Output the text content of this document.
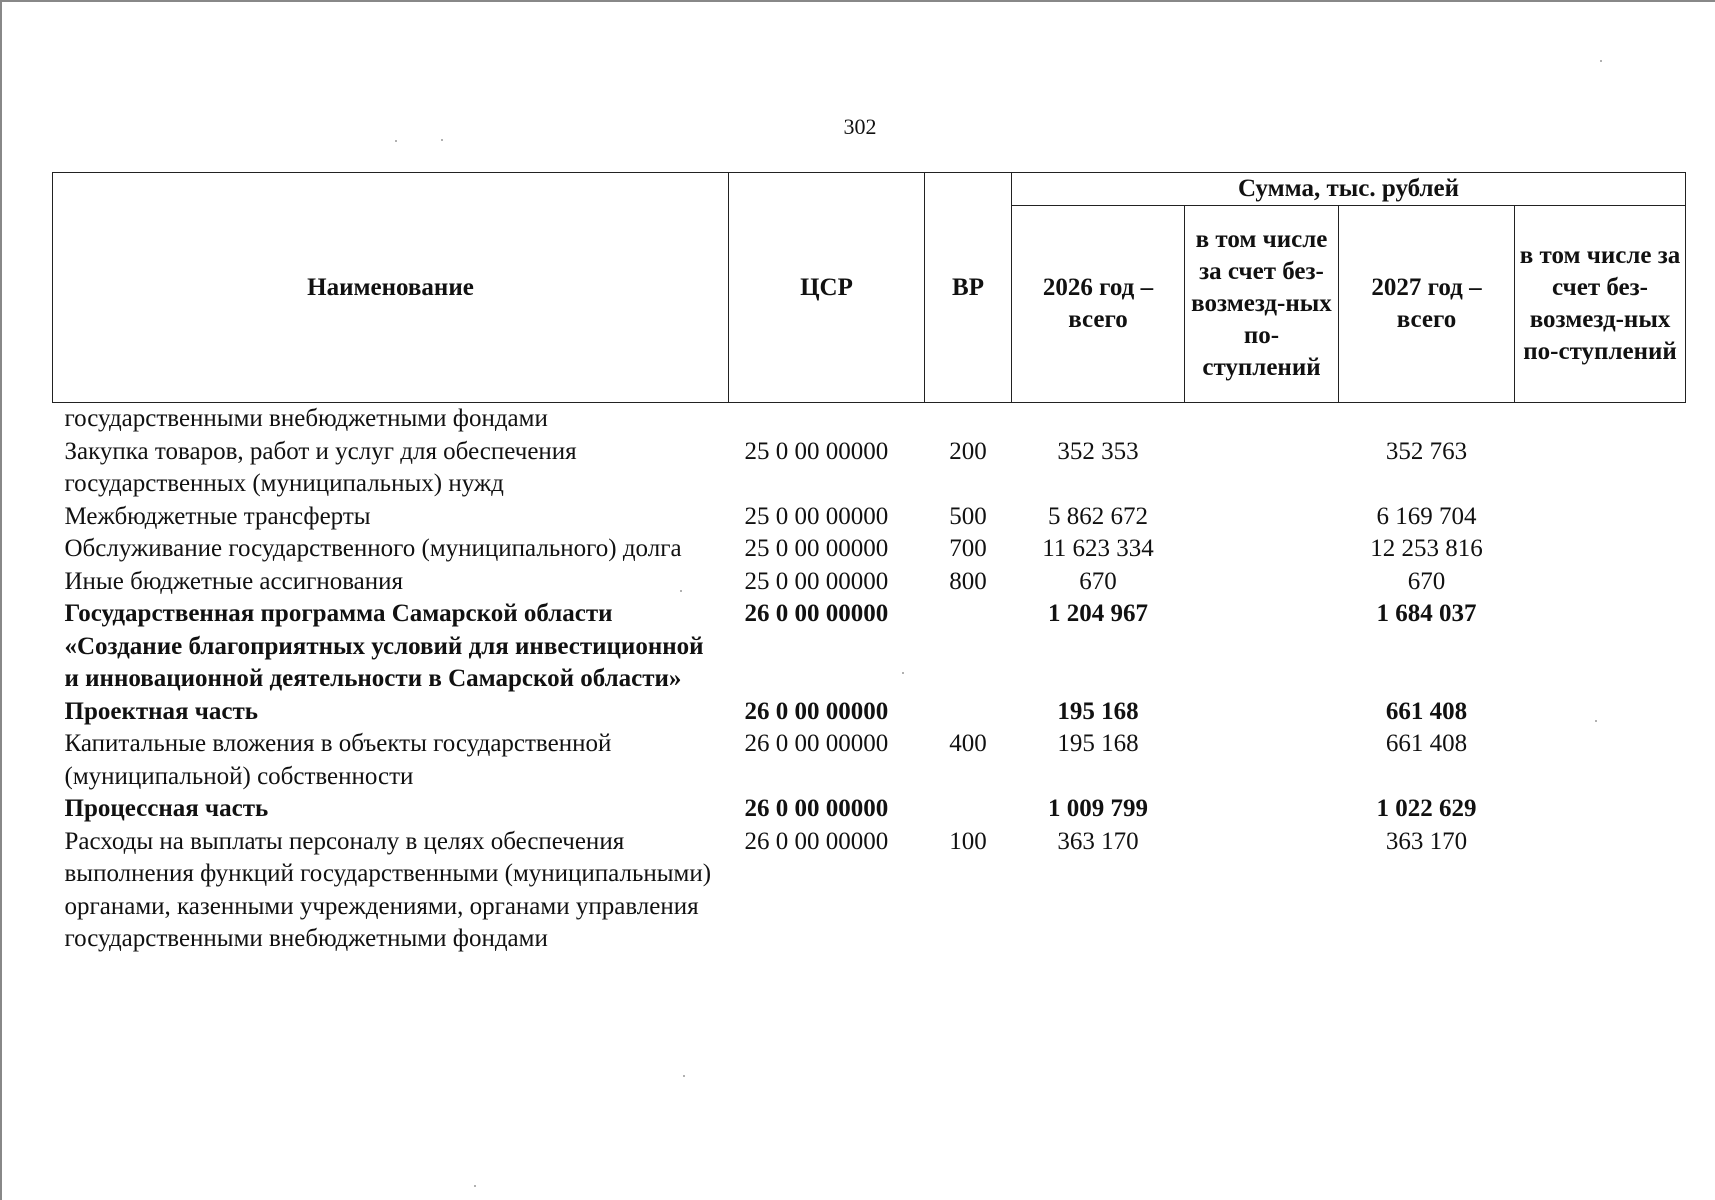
302
Наименование	ЦСР	ВР	Сумма, тыс. рублей			
			2026 год – всего	в том числе за счет без-возмезд-ных по-ступлений	2027 год – всего	в том числе за счет без-возмезд-ных по-ступлений
государственными внебюджетными фондами						
Закупка товаров, работ и услуг для обеспечения государственных (муниципальных) нужд	25 0 00 00000	200	352 353		352 763	
Межбюджетные трансферты	25 0 00 00000	500	5 862 672		6 169 704	
Обслуживание государственного (муниципального) долга	25 0 00 00000	700	11 623 334		12 253 816	
Иные бюджетные ассигнования	25 0 00 00000	800	670		670	
Государственная программа Самарской области «Создание благоприятных условий для инвестиционной и инновационной деятельности в Самарской области»	26 0 00 00000		1 204 967		1 684 037	
Проектная часть	26 0 00 00000		195 168		661 408	
Капитальные вложения в объекты государственной (муниципальной) собственности	26 0 00 00000	400	195 168		661 408	
Процессная часть	26 0 00 00000		1 009 799		1 022 629	
Расходы на выплаты персоналу в целях обеспечения выполнения функций государственными (муниципальными) органами, казенными учреждениями, органами управления государственными внебюджетными фондами	26 0 00 00000	100	363 170		363 170	
